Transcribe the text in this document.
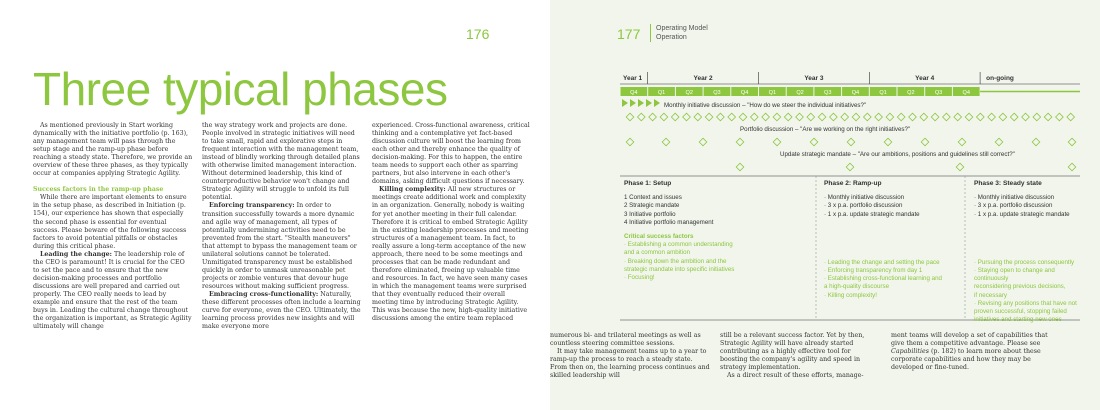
176
Three typical phases

As mentioned previously in Start working dynamically with the initiative portfolio (p. 163), any management team will pass through the setup stage and the ramp-up phase before reaching a steady state. Therefore, we provide an overview of these three phases, as they typically occur at companies applying Strategic Agility.

Success factors in the ramp-up phase

While there are important elements to ensure in the setup phase, as described in Initiation (p. 154), our experience has shown that especially the second phase is essential for eventual success. Please beware of the following success factors to avoid potential pitfalls or obstacles during this critical phase.

Leading the change: The leadership role of the CEO is paramount! It is crucial for the CEO to set the pace and to ensure that the new decision-making processes and portfolio discussions are well prepared and carried out properly. The CEO really needs to lead by example and ensure that the rest of the team buys in. Leading the cultural change throughout the organization is important, as Strategic Agility ultimately will change

the way strategy work and projects are done. People involved in strategic initiatives will need to take small, rapid and explorative steps in frequent interaction with the management team, instead of blindly working through detailed plans with otherwise limited management interaction. Without determined leadership, this kind of counterproductive behavior won't change and Strategic Agility will struggle to unfold its full potential.

Enforcing transparency: In order to transition successfully towards a more dynamic and agile way of management, all types of potentially undermining activities need to be prevented from the start. "Stealth maneuvers" that attempt to bypass the management team or unilateral solutions cannot be tolerated. Unmitigated transparency must be established quickly in order to unmask unreasonable pet projects or zombie ventures that devour huge resources without making sufficient progress.

Embracing cross-functionality: Naturally, these different processes often include a learning curve for everyone, even the CEO. Ultimately, the learning process provides new insights and will make everyone more

experienced. Cross-functional awareness, critical thinking and a contemplative yet fact-based discussion culture will boost the learning from each other and thereby enhance the quality of decision-making. For this to happen, the entire team needs to support each other as sparring partners, but also intervene in each other's domains, asking difficult questions if necessary.

Killing complexity: All new structures or meetings create additional work and complexity in an organization. Generally, nobody is waiting for yet another meeting in their full calendar. Therefore it is critical to embed Strategic Agility in the existing leadership processes and meeting structures of a management team. In fact, to really assure a long-term acceptance of the new approach, there need to be some meetings and processes that can be made redundant and therefore eliminated, freeing up valuable time and resources. In fact, we have seen many cases in which the management teams were surprised that they eventually reduced their overall meeting time by introducing Strategic Agility. This was because the new, high-quality initiative discussions among the entire team replaced

177 Operating Model
Operation
Year 1	Year 2	Year 3	Year 4	on-going
Q4	Q1	Q2	Q3	Q4	Q1	Q2	Q3	Q4	Q1	Q2	Q3	Q4
Monthly initiative discussion – "How do we steer the individual initiatives?"
Portfolio discussion – "Are we working on the right initiatives?"
Update strategic mandate – "Are our ambitions, positions and guidelines still correct?"
Phase 1: Setup
1 Context and issues
2 Strategic mandate
3 Initiative portfolio
4 Initiative portfolio management
Critical success factors
· Establishing a common understanding
and a common ambition
· Breaking down the ambition and the
strategic mandate into specific initiatives
· Focusing!
Phase 2: Ramp-up
· Monthly initiative discussion
· 3 x p.a. portfolio discussion
· 1 x p.a. update strategic mandate
· Leading the change and setting the pace
· Enforcing transparency from day 1
· Establishing cross-functional learning and
a high-quality discourse
· Killing complexity!
Phase 3: Steady state
· Monthly initiative discussion
· 3 x p.a. portfolio discussion
· 1 x p.a. update strategic mandate
· Pursuing the process consequently
· Staying open to change and continuously
reconsidering previous decisions,
if necessary
· Revising any positions that have not
proven successful, stopping failed
initiatives and starting new ones

numerous bi- and trilateral meetings as well as countless steering committee sessions.

It may take management teams up to a year to ramp-up the process to reach a steady state. From then on, the learning process continues and skilled leadership will

still be a relevant success factor. Yet by then, Strategic Agility will have already started contributing as a highly effective tool for boosting the company's agility and speed in strategy implementation.

As a direct result of these efforts, manage-

ment teams will develop a set of capabilities that give them a competitive advantage. Please see Capabilities (p. 182) to learn more about these corporate capabilities and how they may be developed or fine-tuned.
